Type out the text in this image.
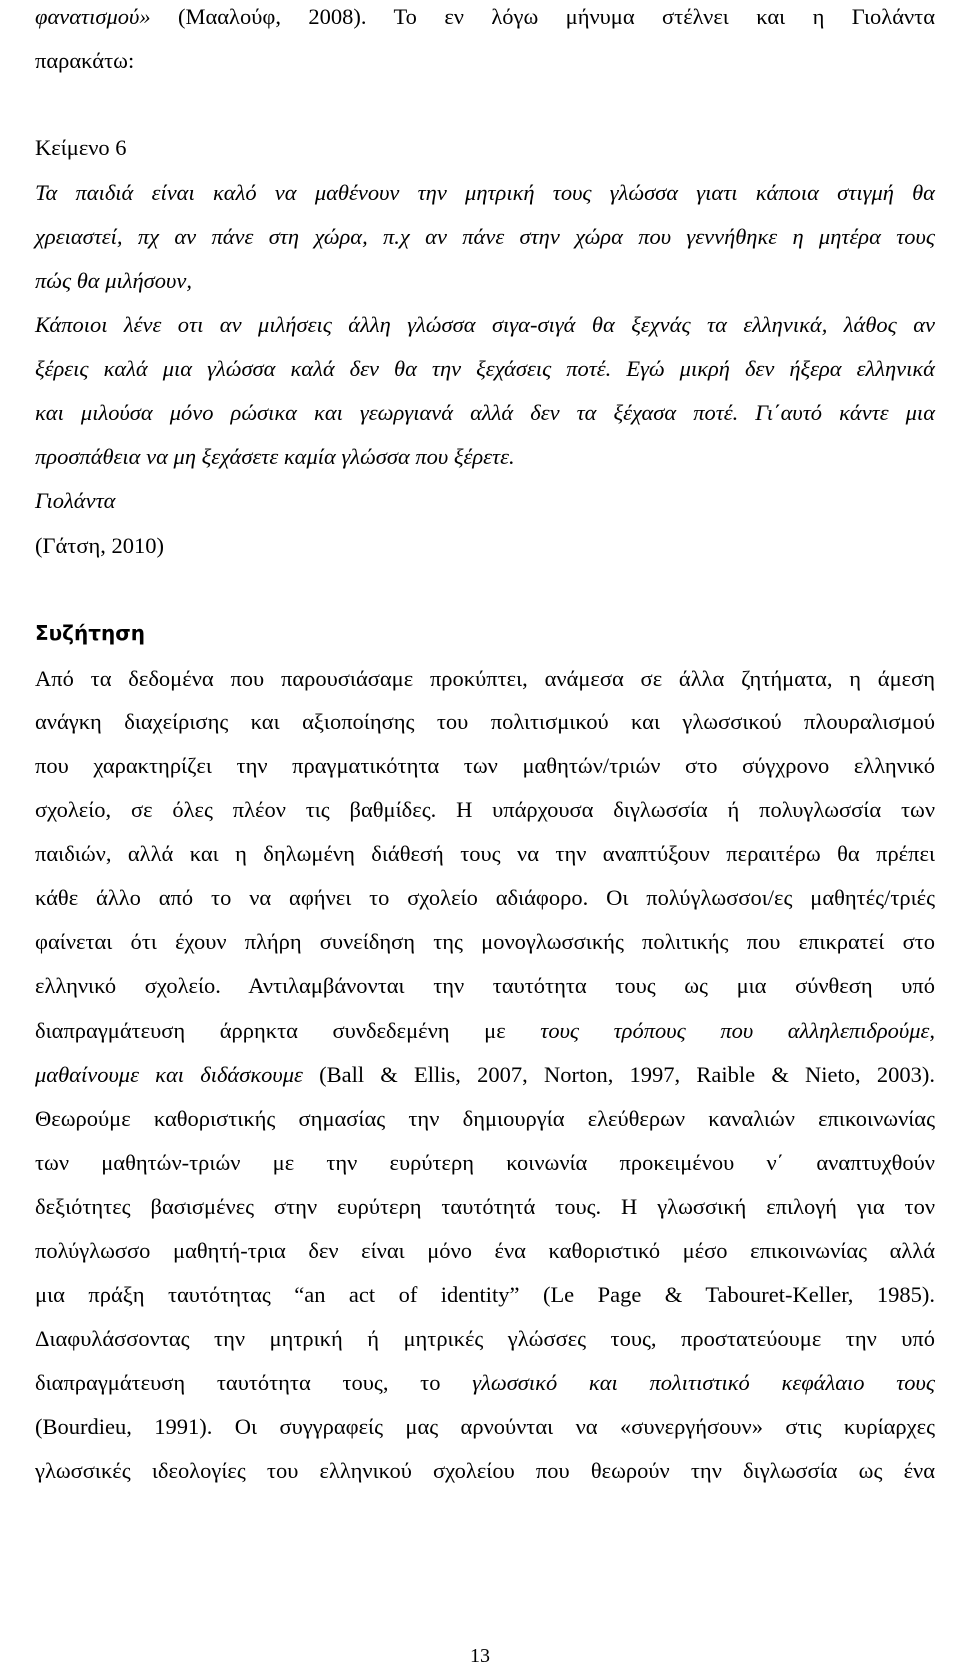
φανατισμού» (Μααλούφ, 2008). Το εν λόγω μήνυμα στέλνει και η Γιολάντα
παρακάτω:
Κείμενο 6
Τα παιδιά είναι καλό να μαθένουν την μητρική τους γλώσσα γιατι κάποια στιγμή θα
χρειαστεί, πχ αν πάνε στη χώρα, π.χ αν πάνε στην χώρα που γεννήθηκε η μητέρα τους
πώς θα μιλήσουν,
Κάποιοι λένε οτι αν μιλήσεις άλλη γλώσσα σιγα-σιγά θα ξεχνάς τα ελληνικά, λάθος αν
ξέρεις καλά μια γλώσσα καλά δεν θα την ξεχάσεις ποτέ. Εγώ μικρή δεν ήξερα ελληνικά
και μιλούσα μόνο ρώσικα και γεωργιανά αλλά δεν τα ξέχασα ποτέ. Γι΄αυτό κάντε μια
προσπάθεια να μη ξεχάσετε καμία γλώσσα που ξέρετε.
Γιολάντα
(Γάτση, 2010)
Συζήτηση
Από τα δεδομένα που παρουσιάσαμε προκύπτει, ανάμεσα σε άλλα ζητήματα, η άμεση
ανάγκη διαχείρισης και αξιοποίησης του πολιτισμικού και γλωσσικού πλουραλισμού
που χαρακτηρίζει την πραγματικότητα των μαθητών/τριών στο σύγχρονο ελληνικό
σχολείο, σε όλες πλέον τις βαθμίδες. Η υπάρχουσα διγλωσσία ή πολυγλωσσία των
παιδιών, αλλά και η δηλωμένη διάθεσή τους να την αναπτύξουν περαιτέρω θα πρέπει
κάθε άλλο από το να αφήνει το σχολείο αδιάφορο. Οι πολύγλωσσοι/ες μαθητές/τριές
φαίνεται ότι έχουν πλήρη συνείδηση της μονογλωσσικής πολιτικής που επικρατεί στο
ελληνικό σχολείο. Αντιλαμβάνονται την ταυτότητα τους ως μια σύνθεση υπό
διαπραγμάτευση άρρηκτα συνδεδεμένη με τους τρόπους που αλληλεπιδρούμε,
μαθαίνουμε και διδάσκουμε (Ball & Ellis, 2007, Norton, 1997, Raible & Nieto, 2003).
Θεωρούμε καθοριστικής σημασίας την δημιουργία ελεύθερων καναλιών επικοινωνίας
των μαθητών-τριών με την ευρύτερη κοινωνία προκειμένου ν΄ αναπτυχθούν
δεξιότητες βασισμένες στην ευρύτερη ταυτότητά τους. Η γλωσσική επιλογή για τον
πολύγλωσσο μαθητή-τρια δεν είναι μόνο ένα καθοριστικό μέσο επικοινωνίας αλλά
μια πράξη ταυτότητας “an act of identity” (Le Page & Tabouret-Keller, 1985).
Διαφυλάσσοντας την μητρική ή μητρικές γλώσσες τους, προστατεύουμε την υπό
διαπραγμάτευση ταυτότητα τους, το γλωσσικό και πολιτιστικό κεφάλαιο τους
(Bourdieu, 1991). Οι συγγραφείς μας αρνούνται να «συνεργήσουν» στις κυρίαρχες
γλωσσικές ιδεολογίες του ελληνικού σχολείου που θεωρούν την διγλωσσία ως ένα
13
